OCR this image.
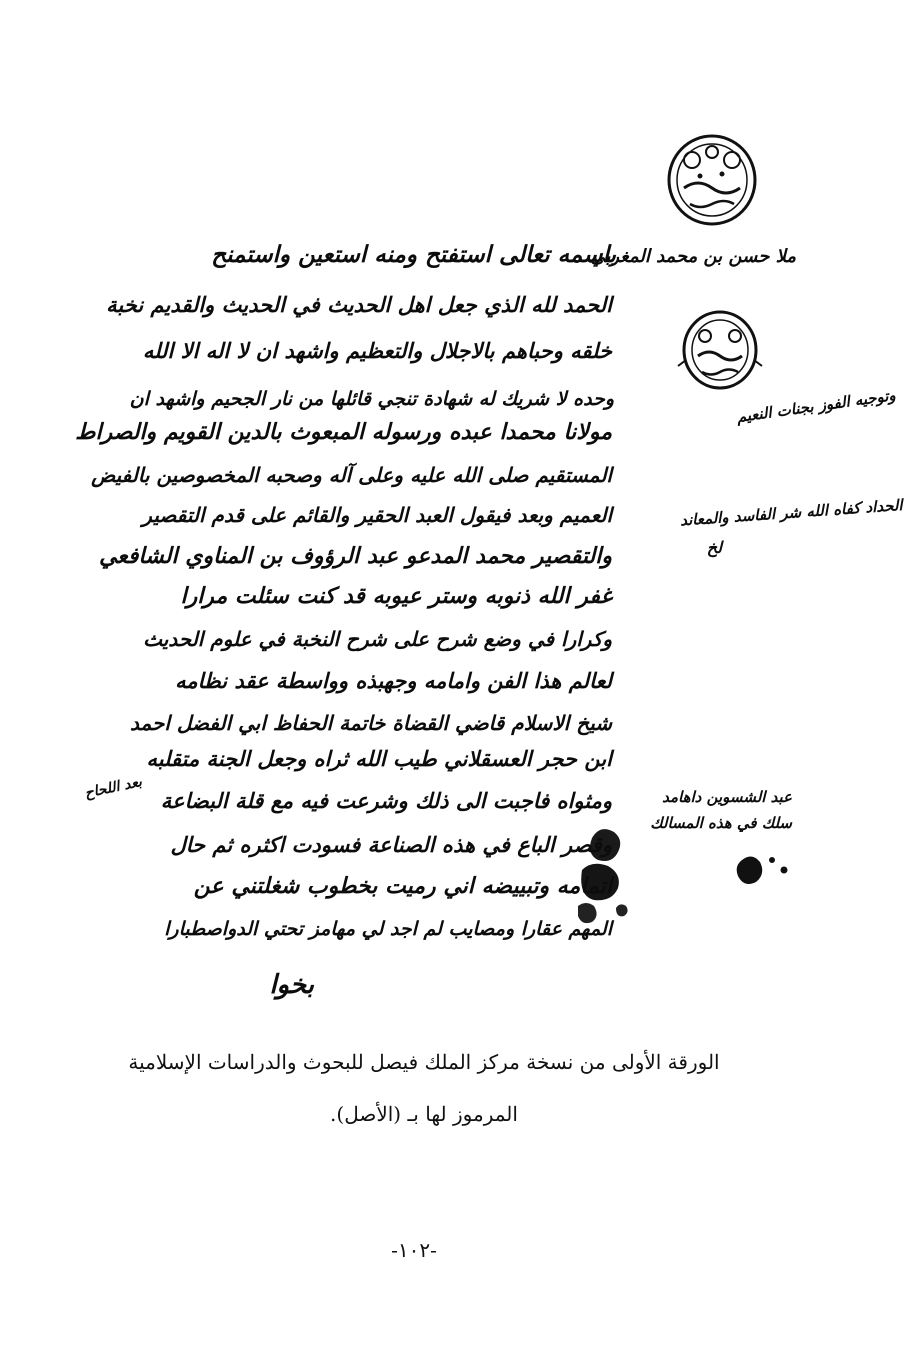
باسمه تعالى استفتح ومنه استعين واستمنح
الحمد لله الذي جعل اهل الحديث في الحديث والقديم نخبة
خلقه وحباهم بالاجلال والتعظيم واشهد ان لا اله الا الله
وحده لا شريك له شهادة تنجي قائلها من نار الجحيم واشهد ان
مولانا محمدا عبده ورسوله المبعوث بالدين القويم والصراط
المستقيم صلى الله عليه وعلى آله وصحبه المخصوصين بالفيض
العميم وبعد فيقول العبد الحقير والقائم على قدم التقصير
والتقصير محمد المدعو عبد الرؤوف بن المناوي الشافعي
غفر الله ذنوبه وستر عيوبه قد كنت سئلت مرارا
وكرارا في وضع شرح على شرح النخبة في علوم الحديث
لعالم هذا الفن وامامه وجهبذه وواسطة عقد نظامه
شيخ الاسلام قاضي القضاة خاتمة الحفاظ ابي الفضل احمد
ابن حجر العسقلاني طيب الله ثراه وجعل الجنة متقلبه
ومثواه فاجبت الى ذلك وشرعت فيه مع قلة البضاعة
وقصر الباع في هذه الصناعة فسودت اكثره ثم حال
اتمامه وتبييضه اني رميت بخطوب شغلتني عن
المهم عقارا ومصايب لم اجد لي مهامز تحتي الدواصطبارا
ملا حسن بن محمد المغربي
وتوجيه الفوز بجنات النعيم
الحداد كفاه الله شر الفاسد والمعاند
لخ
عبد الشسوين داهامد
سلك في هذه المسالك
بعد اللحاح
بخوا
الورقة الأولى من نسخة مركز الملك فيصل للبحوث والدراسات الإسلامية
المرموز لها بـ (الأصل).
-١٠٢-
